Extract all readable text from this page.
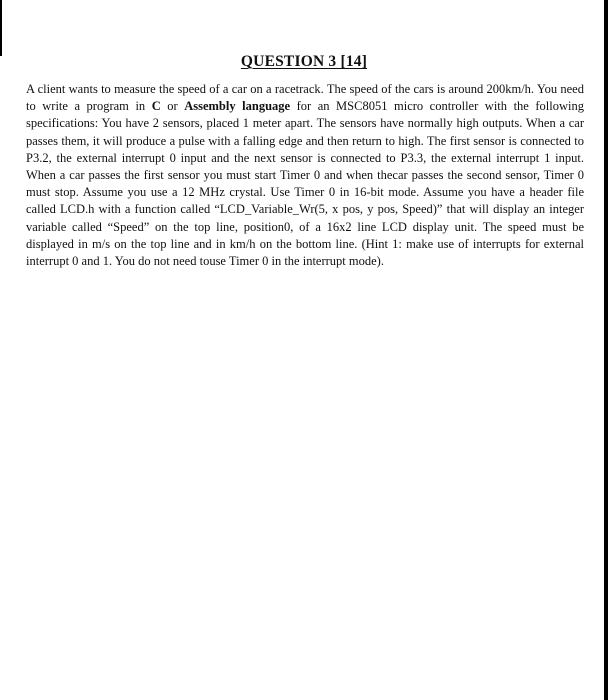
QUESTION 3 [14]

A client wants to measure the speed of a car on a racetrack. The speed of the cars is around 200km/h. You need to write a program in C or Assembly language for an MSC8051 micro controller with the following specifications: You have 2 sensors, placed 1 meter apart. The sensors have normally high outputs. When a car passes them, it will produce a pulse with a falling edge and then return to high. The first sensor is connected to P3.2, the external interrupt 0 input and the next sensor is connected to P3.3, the external interrupt 1 input. When a car passes the first sensor you must start Timer 0 and when thecar passes the second sensor, Timer 0 must stop. Assume you use a 12 MHz crystal. Use Timer 0 in 16-bit mode. Assume you have a header file called LCD.h with a function called “LCD_Variable_Wr(5, x pos, y pos, Speed)” that will display an integer variable called “Speed” on the top line, position0, of a 16x2 line LCD display unit. The speed must be displayed in m/s on the top line and in km/h on the bottom line. (Hint 1: make use of interrupts for external interrupt 0 and 1. You do not need touse Timer 0 in the interrupt mode).
